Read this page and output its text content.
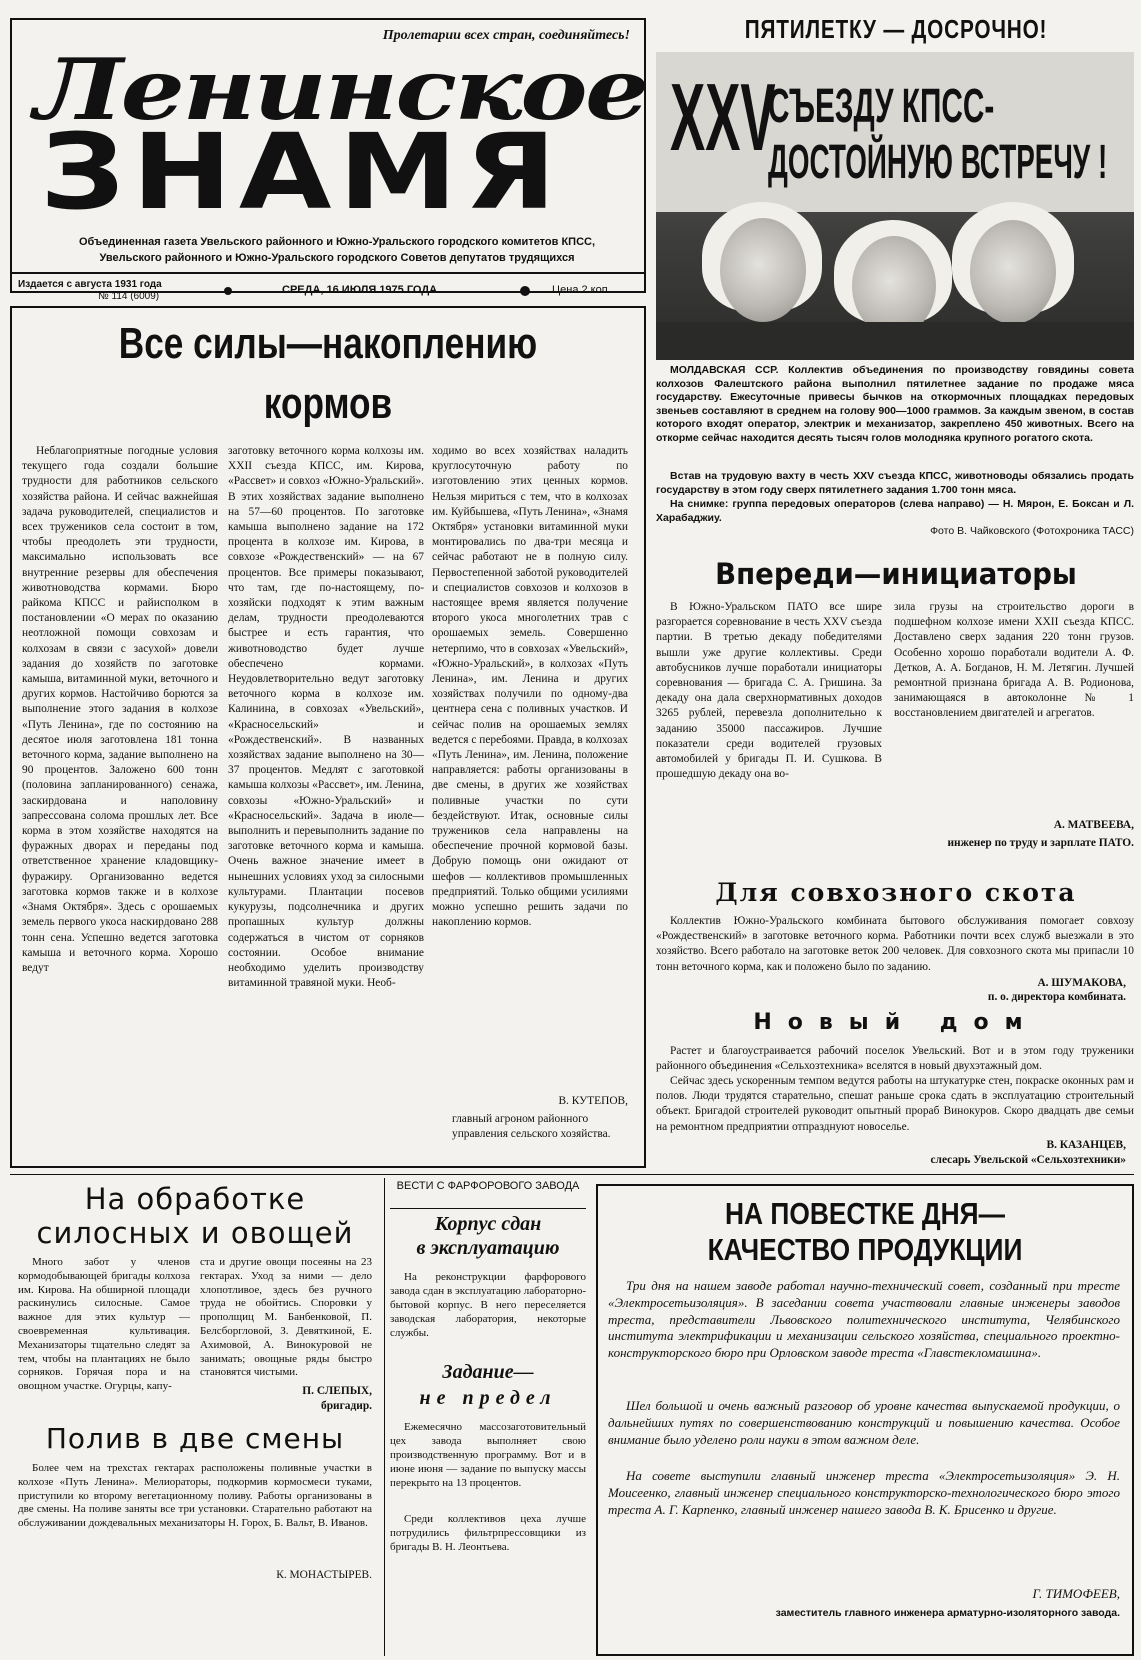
Пролетарии всех стран, соединяйтесь!
Ленинское
ЗНАМЯ
Объединенная газета Увельского районного и Южно-Уральского городского комитетов КПСС,
Увельского районного и Южно-Уральского городского Советов депутатов трудящихся
Издается с августа 1931 года
№ 114 (6009)
СРЕДА, 16 ИЮЛЯ 1975 ГОДА.	Цена 2 коп.
ПЯТИЛЕТКУ — ДОСРОЧНО!
XXV
СЪЕЗДУ КПСС-
ДОСТОЙНУЮ ВСТРЕЧУ !
МОЛДАВСКАЯ ССР. Коллектив объединения по производству говядины совета колхозов Фалештского района выполнил пятилетнее задание по продаже мяса государству. Ежесуточные привесы бычков на откормочных площадках передовых звеньев составляют в среднем на голову 900—1000 граммов. За каждым звеном, в состав которого входят оператор, электрик и механизатор, закреплено 450 животных. Всего на откорме сейчас находится десять тысяч голов молодняка крупного рогатого скота.
Встав на трудовую вахту в честь XXV съезда КПСС, животноводы обязались продать государству в этом году сверх пятилетнего задания 1.700 тонн мяса.
На снимке: группа передовых операторов (слева направо) — Н. Мярон, Е. Боксан и Л. Харабаджиу.
Фото В. Чайковского (Фотохроника ТАСС)
Все силы—накоплению
кормов
Неблагоприятные погодные условия текущего года создали большие трудности для работников сельского хозяйства района. И сейчас важнейшая задача руководителей, специалистов и всех тружеников села состоит в том, чтобы преодолеть эти трудности, максимально использовать все внутренние резервы для обеспечения животноводства кормами. Бюро райкома КПСС и райисполком в постановлении «О мерах по оказанию неотложной помощи совхозам и колхозам в связи с засухой» довели задания до хозяйств по заготовке камыша, витаминной муки, веточного и других кормов. Настойчиво борются за выполнение этого задания в колхозе «Путь Ленина», где по состоянию на десятое июля заготовлена 181 тонна веточного корма, задание выполнено на 90 процентов. Заложено 600 тонн (половина запланированного) сенажа, заскирдована и наполовину запрессована солома прошлых лет. Все корма в этом хозяйстве находятся на фуражных дворах и переданы под ответственное хранение кладовщику-фуражиру. Организованно ведется заготовка кормов также и в колхозе «Знамя Октября». Здесь с орошаемых земель первого укоса наскирдовано 288 тонн сена. Успешно ведется заготовка камыша и веточного корма. Хорошо ведут
заготовку веточного корма колхозы им. XXII съезда КПСС, им. Кирова, «Рассвет» и совхоз «Южно-Уральский». В этих хозяйствах задание выполнено на 57—60 процентов. По заготовке камыша выполнено задание на 172 процента в колхозе им. Кирова, в совхозе «Рождественский» — на 67 процентов. Все примеры показывают, что там, где по-настоящему, по-хозяйски подходят к этим важным делам, трудности преодолеваются быстрее и есть гарантия, что животноводство будет лучше обеспечено кормами. Неудовлетворительно ведут заготовку веточного корма в колхозе им. Калинина, в совхозах «Увельский», «Красносельский» и «Рождественский». В названных хозяйствах задание выполнено на 30—37 процентов. Медлят с заготовкой камыша колхозы «Рассвет», им. Ленина, совхозы «Южно-Уральский» и «Красносельский». Задача в июле—выполнить и перевыполнить задание по заготовке веточного корма и камыша. Очень важное значение имеет в нынешних условиях уход за силосными культурами. Плантации посевов кукурузы, подсолнечника и других пропашных культур должны содержаться в чистом от сорняков состоянии. Особое внимание необходимо уделить производству витаминной травяной муки. Необ-
ходимо во всех хозяйствах наладить круглосуточную работу по изготовлению этих ценных кормов. Нельзя мириться с тем, что в колхозах им. Куйбышева, «Путь Ленина», «Знамя Октября» установки витаминной муки монтировались по два-три месяца и сейчас работают не в полную силу. Первостепенной заботой руководителей и специалистов совхозов и колхозов в настоящее время является получение второго укоса многолетних трав с орошаемых земель. Совершенно нетерпимо, что в совхозах «Увельский», «Южно-Уральский», в колхозах «Путь Ленина», им. Ленина и других хозяйствах получили по одному-два центнера сена с поливных участков. И сейчас полив на орошаемых землях ведется с перебоями. Правда, в колхозах «Путь Ленина», им. Ленина, положение направляется: работы организованы в две смены, в других же хозяйствах поливные участки по сути бездействуют. Итак, основные силы тружеников села направлены на обеспечение прочной кормовой базы. Добрую помощь они ожидают от шефов — коллективов промышленных предприятий. Только общими усилиями можно успешно решить задачи по накоплению кормов.
В. КУТЕПОВ,
главный агроном районного управления сельского хозяйства.
Впереди—инициаторы
В Южно-Уральском ПАТО все шире разгорается соревнование в честь XXV съезда партии. В третью декаду победителями вышли уже другие коллективы. Среди автобусников лучше поработали инициаторы соревнования — бригада С. А. Гришина. За декаду она дала сверхнормативных доходов 3265 рублей, перевезла дополнительно к заданию 35000 пассажиров. Лучшие показатели среди водителей грузовых автомобилей у бригады П. И. Сушкова. В прошедшую декаду она во-
зила грузы на строительство дороги в подшефном колхозе имени XXII съезда КПСС. Доставлено сверх задания 220 тонн грузов. Особенно хорошо поработали водители А. Ф. Детков, А. А. Богданов, Н. М. Летягин. Лучшей ремонтной признана бригада А. В. Родионова, занимающаяся в автоколонне № 1 восстановлением двигателей и агрегатов.
А. МАТВЕЕВА,
инженер по труду и зарплате ПАТО.
Для совхозного скота
Коллектив Южно-Уральского комбината бытового обслуживания помогает совхозу «Рождественский» в заготовке веточного корма. Работники почти всех служб выезжали в это хозяйство. Всего работало на заготовке веток 200 человек. Для совхозного скота мы припасли 10 тонн веточного корма, как и положено было по заданию.
А. ШУМАКОВА,
п. о. директора комбината.
Новый дом
Растет и благоустраивается рабочий поселок Увельский. Вот и в этом году труженики районного объединения «Сельхозтехника» вселятся в новый двухэтажный дом.
Сейчас здесь ускоренным темпом ведутся работы на штукатурке стен, покраске оконных рам и полов. Люди трудятся старательно, спешат раньше срока сдать в эксплуатацию строительный объект. Бригадой строителей руководит опытный прораб Винокуров. Скоро двадцать две семьи на ремонтном предприятии отпразднуют новоселье.
В. КАЗАНЦЕВ,
слесарь Увельской «Сельхозтехники»
На обработке
силосных и овощей
Много забот у членов кормодобывающей бригады колхоза им. Кирова. На обширной площади раскинулись силосные. Самое важное для этих культур — своевременная культивация. Механизаторы тщательно следят за тем, чтобы на плантациях не было сорняков. Горячая пора и на овощном участке. Огурцы, капу-
ста и другие овощи посеяны на 23 гектарах. Уход за ними — дело хлопотливое, здесь без ручного труда не обойтись. Споровки у прополщиц М. Банбенковой, П. Белсборгловой, З. Девяткиной, Е. Ахимовой, А. Винокуровой не занимать; овощные ряды быстро становятся чистыми.
П. СЛЕПЫХ,
бригадир.
Полив в две смены
Более чем на трехстах гектарах расположены поливные участки в колхозе «Путь Ленина». Мелиораторы, подкормив кормосмеси туками, приступили ко второму вегетационному поливу. Работы организованы в две смены. На поливе заняты все три установки. Старательно работают на обслуживании дождевальных механизаторы Н. Горох, Б. Вальт, В. Иванов.
К. МОНАСТЫРЕВ.
ВЕСТИ С ФАРФОРОВОГО ЗАВОДА
Корпус сдан
в эксплуатацию
На реконструкции фарфорового завода сдан в эксплуатацию лабораторно-бытовой корпус. В него переселяется заводская лаборатория, некоторые службы.
Задание—
не предел
Ежемесячно массозаготовительный цех завода выполняет свою производственную программу. Вот и в июне июня — задание по выпуску массы перекрыто на 13 процентов.
Среди коллективов цеха лучше потрудились фильтрпрессовщики из бригады В. Н. Леонтьева.
НА ПОВЕСТКЕ ДНЯ—
КАЧЕСТВО ПРОДУКЦИИ
Три дня на нашем заводе работал научно-технический совет, созданный при тресте «Электросетьизоляция». В заседании совета участвовали главные инженеры заводов треста, представители Львовского политехнического института, Челябинского института электрификации и механизации сельского хозяйства, специального проектно-конструкторского бюро при Орловском заводе треста «Главстекломашина».
Шел большой и очень важный разговор об уровне качества выпускаемой продукции, о дальнейших путях по совершенствованию конструкций и повышению качества. Особое внимание было уделено роли науки в этом важном деле.
На совете выступили главный инженер треста «Электросетьизоляция» Э. Н. Моисеенко, главный инженер специального конструкторско-технологического бюро этого треста А. Г. Карпенко, главный инженер нашего завода В. К. Брисенко и другие.
Г. ТИМОФЕЕВ,
заместитель главного инженера арматурно-изоляторного завода.
